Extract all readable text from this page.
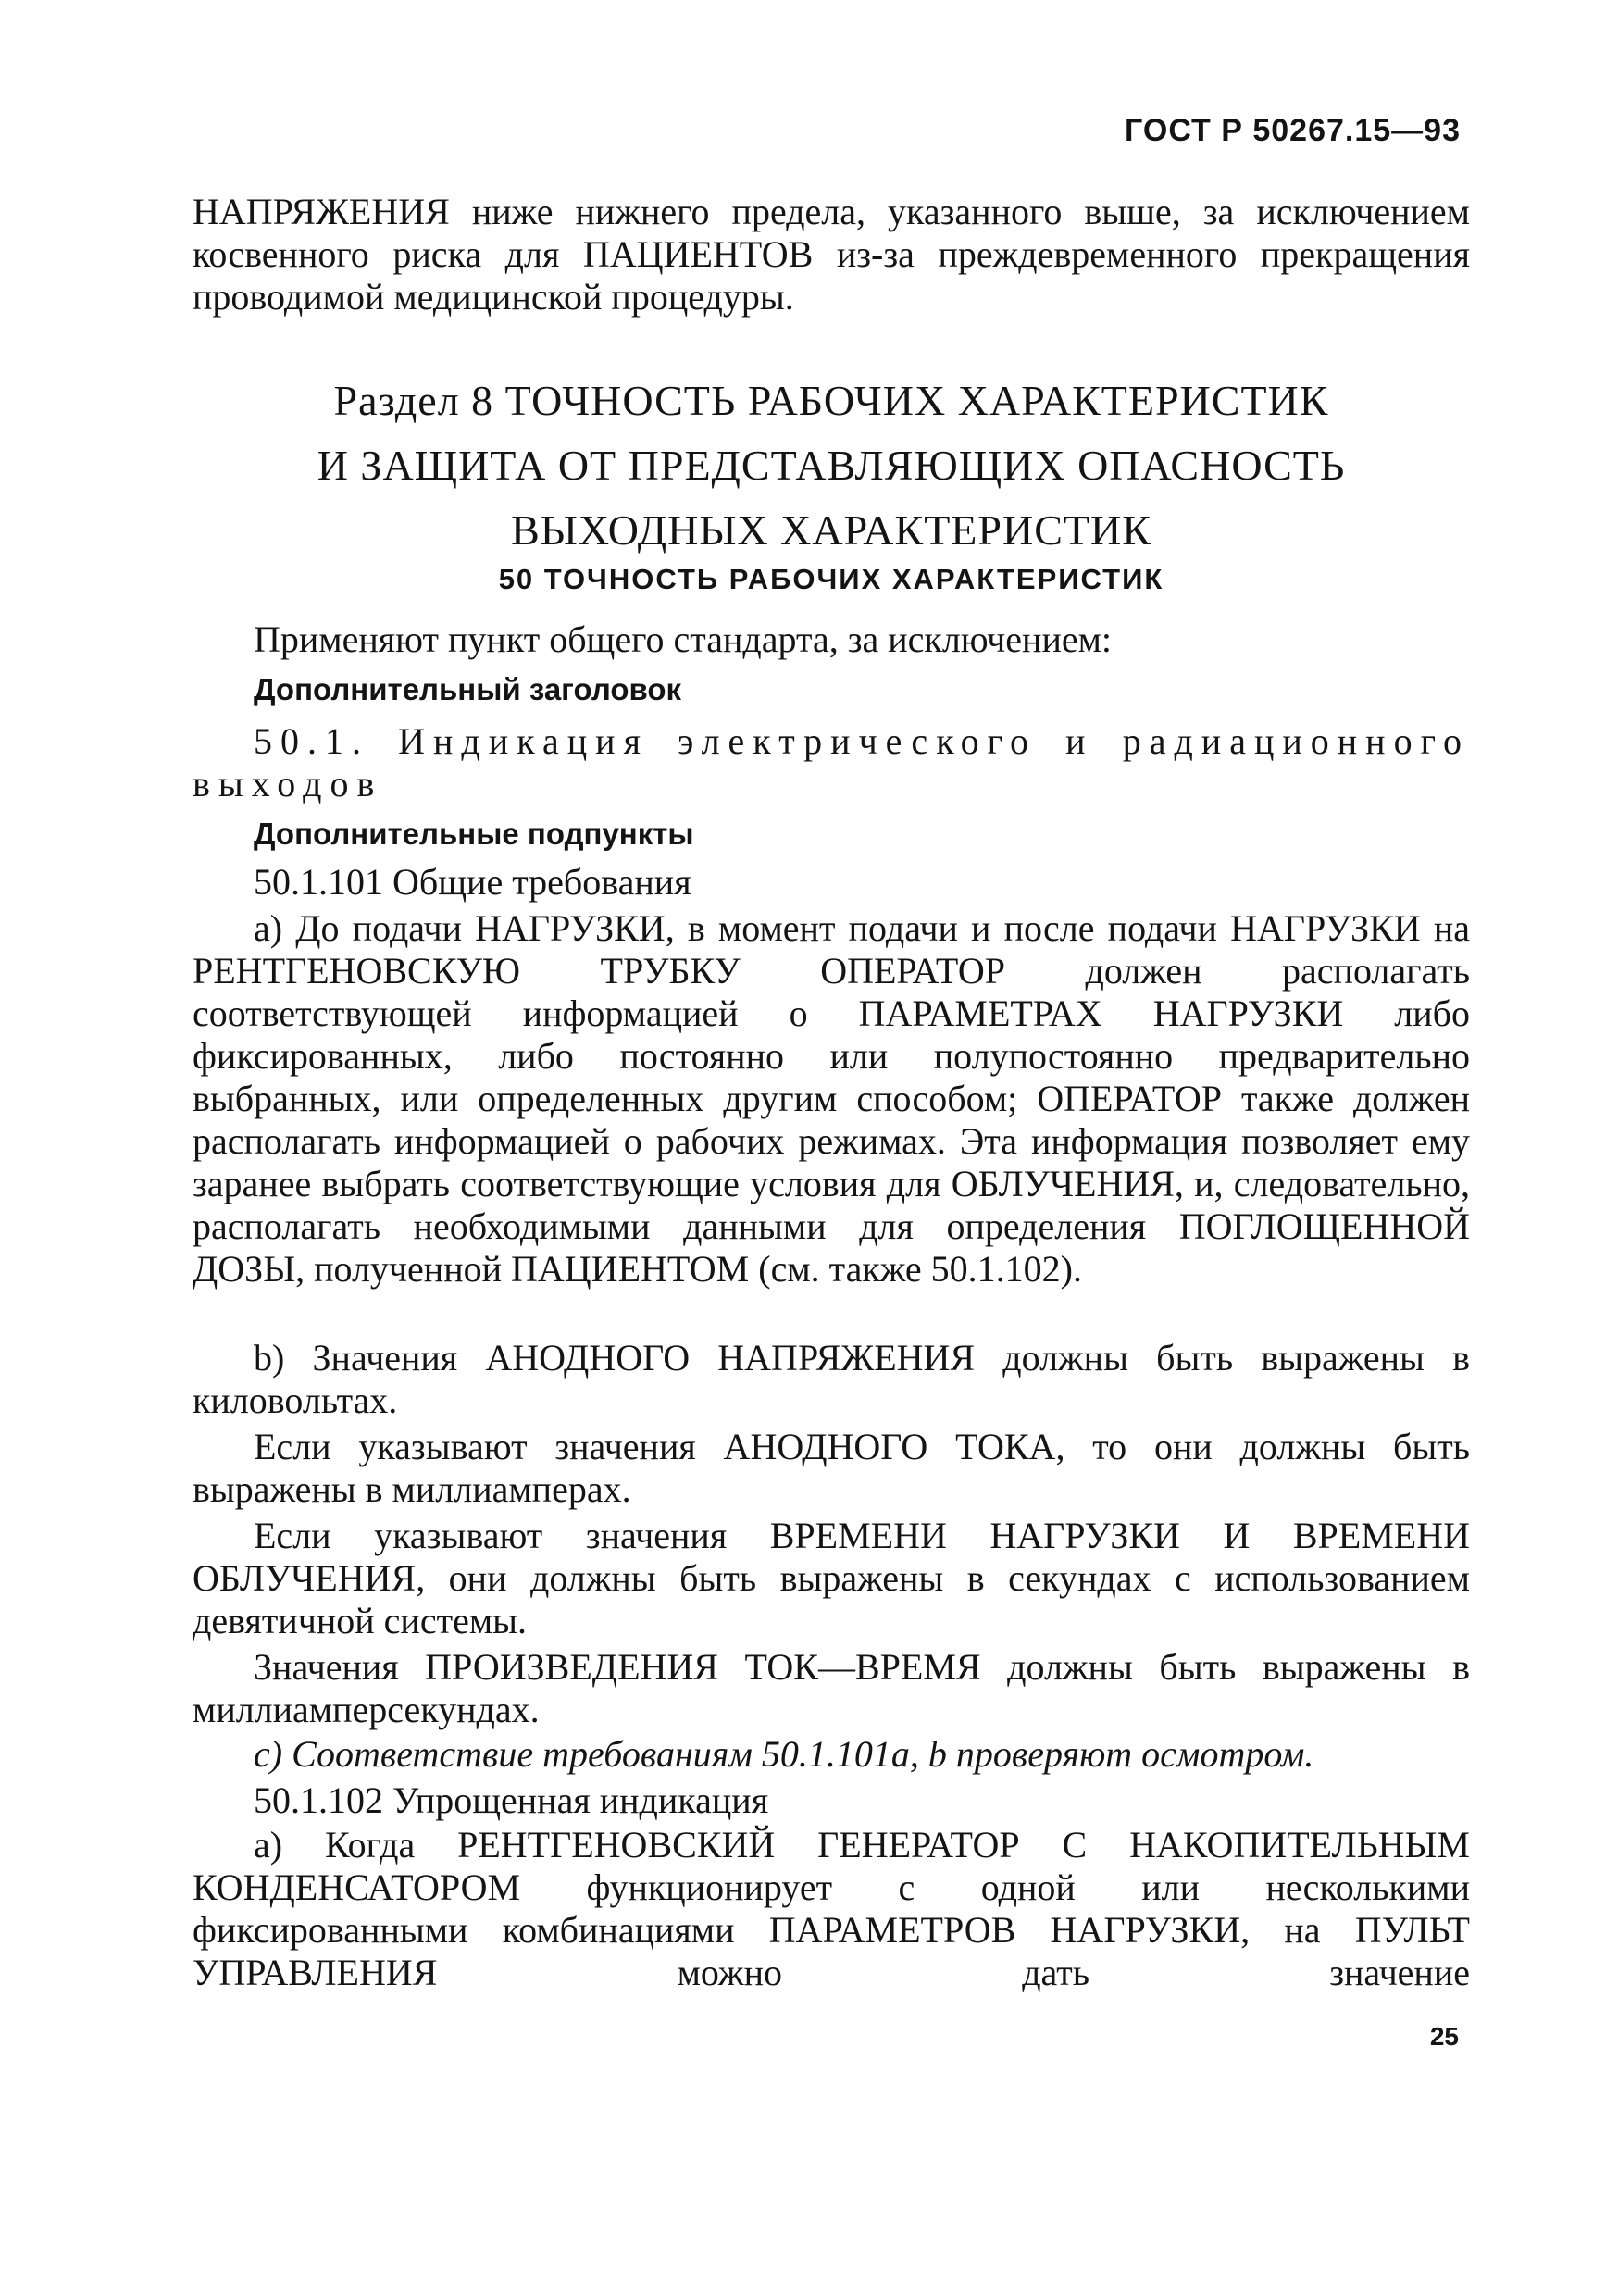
ГОСТ Р 50267.15—93

НАПРЯЖЕНИЯ ниже нижнего предела, указанного выше, за исключением косвенного риска для ПАЦИЕНТОВ из-за преждевременного прекращения проводимой медицинской процедуры.

Раздел 8 ТОЧНОСТЬ РАБОЧИХ ХАРАКТЕРИСТИК
И ЗАЩИТА ОТ ПРЕДСТАВЛЯЮЩИХ ОПАСНОСТЬ
ВЫХОДНЫХ ХАРАКТЕРИСТИК
50 ТОЧНОСТЬ РАБОЧИХ ХАРАКТЕРИСТИК

Применяют пункт общего стандарта, за исключением:

Дополнительный заголовок

50.1. Индикация электрического и радиационного выходов

Дополнительные подпункты

50.1.101 Общие требования

а) До подачи НАГРУЗКИ, в момент подачи и после подачи НАГРУЗКИ на РЕНТГЕНОВСКУЮ ТРУБКУ ОПЕРАТОР должен располагать соответствующей информацией о ПАРАМЕТРАХ НАГРУЗКИ либо фиксированных, либо постоянно или полупостоянно предварительно выбранных, или определенных другим способом; ОПЕРАТОР также должен располагать информацией о рабочих режимах. Эта информация позволяет ему заранее выбрать соответствующие условия для ОБЛУЧЕНИЯ, и, следовательно, располагать необходимыми данными для определения ПОГЛОЩЕННОЙ ДОЗЫ, полученной ПАЦИЕНТОМ (см. также 50.1.102).

b) Значения АНОДНОГО НАПРЯЖЕНИЯ должны быть выражены в киловольтах.

Если указывают значения АНОДНОГО ТОКА, то они должны быть выражены в миллиамперах.

Если указывают значения ВРЕМЕНИ НАГРУЗКИ И ВРЕМЕНИ ОБЛУЧЕНИЯ, они должны быть выражены в секундах с использованием девятичной системы.

Значения ПРОИЗВЕДЕНИЯ ТОК—ВРЕМЯ должны быть выражены в миллиамперсекундах.

с) Соответствие требованиям 50.1.101a, b проверяют осмотром.

50.1.102 Упрощенная индикация

а) Когда РЕНТГЕНОВСКИЙ ГЕНЕРАТОР С НАКОПИТЕЛЬНЫМ КОНДЕНСАТОРОМ функционирует с одной или несколькими фиксированными комбинациями ПАРАМЕТРОВ НАГРУЗКИ, на ПУЛЬТ УПРАВЛЕНИЯ можно дать значение

25
